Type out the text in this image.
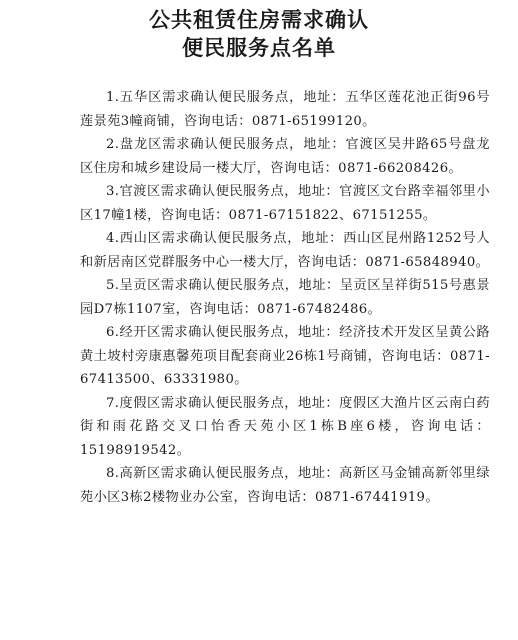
公共租赁住房需求确认
便民服务点名单
1.五华区需求确认便民服务点，地址：五华区莲花池正街96号莲景苑3幢商铺，咨询电话：0871-65199120。
2.盘龙区需求确认便民服务点，地址：官渡区吴井路65号盘龙区住房和城乡建设局一楼大厅，咨询电话：0871-66208426。
3.官渡区需求确认便民服务点，地址：官渡区文台路幸福邻里小区17幢1楼，咨询电话：0871-67151822、67151255。
4.西山区需求确认便民服务点，地址：西山区昆州路1252号人和新居南区党群服务中心一楼大厅，咨询电话：0871-65848940。
5.呈贡区需求确认便民服务点，地址：呈贡区呈祥街515号惠景园D7栋1107室，咨询电话：0871-67482486。
6.经开区需求确认便民服务点，地址：经济技术开发区呈黄公路黄土坡村旁康惠馨苑项目配套商业26栋1号商铺，咨询电话：0871-67413500、63331980。
7.度假区需求确认便民服务点，地址：度假区大渔片区云南白药街和雨花路交叉口怡香天苑小区1栋B座6楼，咨询电话：15198919542。
8.高新区需求确认便民服务点，地址：高新区马金铺高新邻里绿苑小区3栋2楼物业办公室，咨询电话：0871-67441919。
